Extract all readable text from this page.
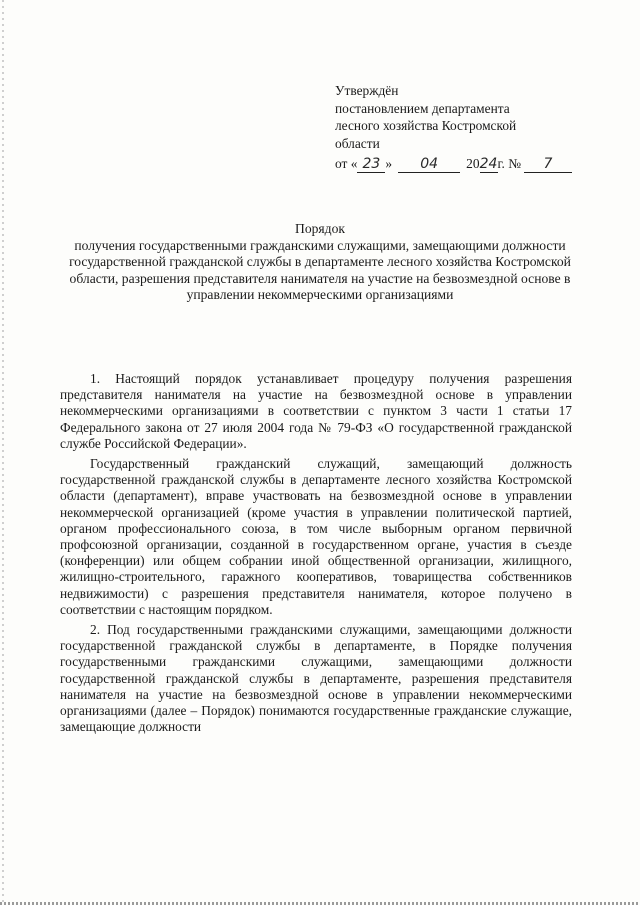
Утверждён
постановлением департамента
лесного хозяйства Костромской
области
от « 23 » 04 2024г. № 7
Порядок
получения государственными гражданскими служащими, замещающими должности государственной гражданской службы в департаменте лесного хозяйства Костромской области, разрешения представителя нанимателя на участие на безвозмездной основе в управлении некоммерческими организациями

1. Настоящий порядок устанавливает процедуру получения разрешения представителя нанимателя на участие на безвозмездной основе в управлении некоммерческими организациями в соответствии с пунктом 3 части 1 статьи 17 Федерального закона от 27 июля 2004 года № 79-ФЗ «О государственной гражданской службе Российской Федерации».

Государственный гражданский служащий, замещающий должность государственной гражданской службы в департаменте лесного хозяйства Костромской области (департамент), вправе участвовать на безвозмездной основе в управлении некоммерческой организацией (кроме участия в управлении политической партией, органом профессионального союза, в том числе выборным органом первичной профсоюзной организации, созданной в государственном органе, участия в съезде (конференции) или общем собрании иной общественной организации, жилищного, жилищно-строительного, гаражного кооперативов, товарищества собственников недвижимости) с разрешения представителя нанимателя, которое получено в соответствии с настоящим порядком.

2. Под государственными гражданскими служащими, замещающими должности государственной гражданской службы в департаменте, в Порядке получения государственными гражданскими служащими, замещающими должности государственной гражданской службы в департаменте, разрешения представителя нанимателя на участие на безвозмездной основе в управлении некоммерческими организациями (далее – Порядок) понимаются государственные гражданские служащие, замещающие должности
